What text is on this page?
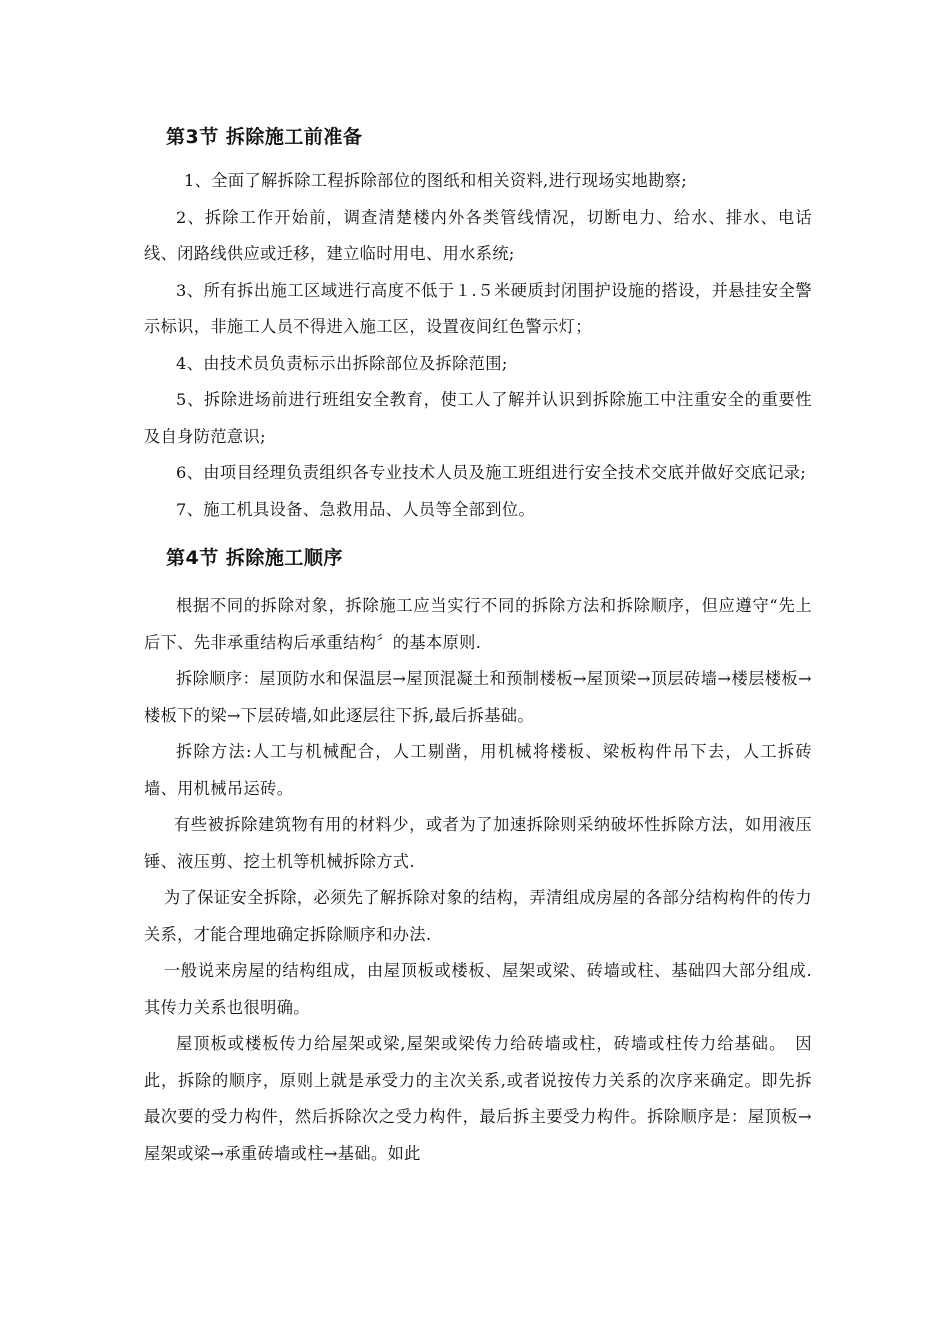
第3节 拆除施工前准备

1、全面了解拆除工程拆除部位的图纸和相关资料,进行现场实地勘察;

2、拆除工作开始前，调查清楚楼内外各类管线情况，切断电力、给水、排水、电话线、闭路线供应或迁移，建立临时用电、用水系统;

3、所有拆出施工区域进行高度不低于１.５米硬质封闭围护设施的搭设，并悬挂安全警示标识，非施工人员不得进入施工区，设置夜间红色警示灯；

4、由技术员负责标示出拆除部位及拆除范围;

5、拆除进场前进行班组安全教育，使工人了解并认识到拆除施工中注重安全的重要性及自身防范意识;

6、由项目经理负责组织各专业技术人员及施工班组进行安全技术交底并做好交底记录;

7、施工机具设备、急救用品、人员等全部到位。

第4节 拆除施工顺序

根据不同的拆除对象，拆除施工应当实行不同的拆除方法和拆除顺序，但应遵守“先上后下、先非承重结构后承重结构〞的基本原则.

拆除顺序：屋顶防水和保温层→屋顶混凝土和预制楼板→屋顶梁→顶层砖墙→楼层楼板→楼板下的梁→下层砖墙,如此逐层往下拆,最后拆基础。

拆除方法:人工与机械配合，人工剔凿，用机械将楼板、梁板构件吊下去，人工拆砖墙、用机械吊运砖。

有些被拆除建筑物有用的材料少，或者为了加速拆除则采纳破坏性拆除方法，如用液压锤、液压剪、挖土机等机械拆除方式.

为了保证安全拆除，必须先了解拆除对象的结构，弄清组成房屋的各部分结构构件的传力关系，才能合理地确定拆除顺序和办法.

一般说来房屋的结构组成，由屋顶板或楼板、屋架或梁、砖墙或柱、基础四大部分组成.其传力关系也很明确。

屋顶板或楼板传力给屋架或梁,屋架或梁传力给砖墙或柱，砖墙或柱传力给基础。　因此，拆除的顺序，原则上就是承受力的主次关系,或者说按传力关系的次序来确定。即先拆最次要的受力构件，然后拆除次之受力构件，最后拆主要受力构件。拆除顺序是：屋顶板→屋架或梁→承重砖墙或柱→基础。如此
